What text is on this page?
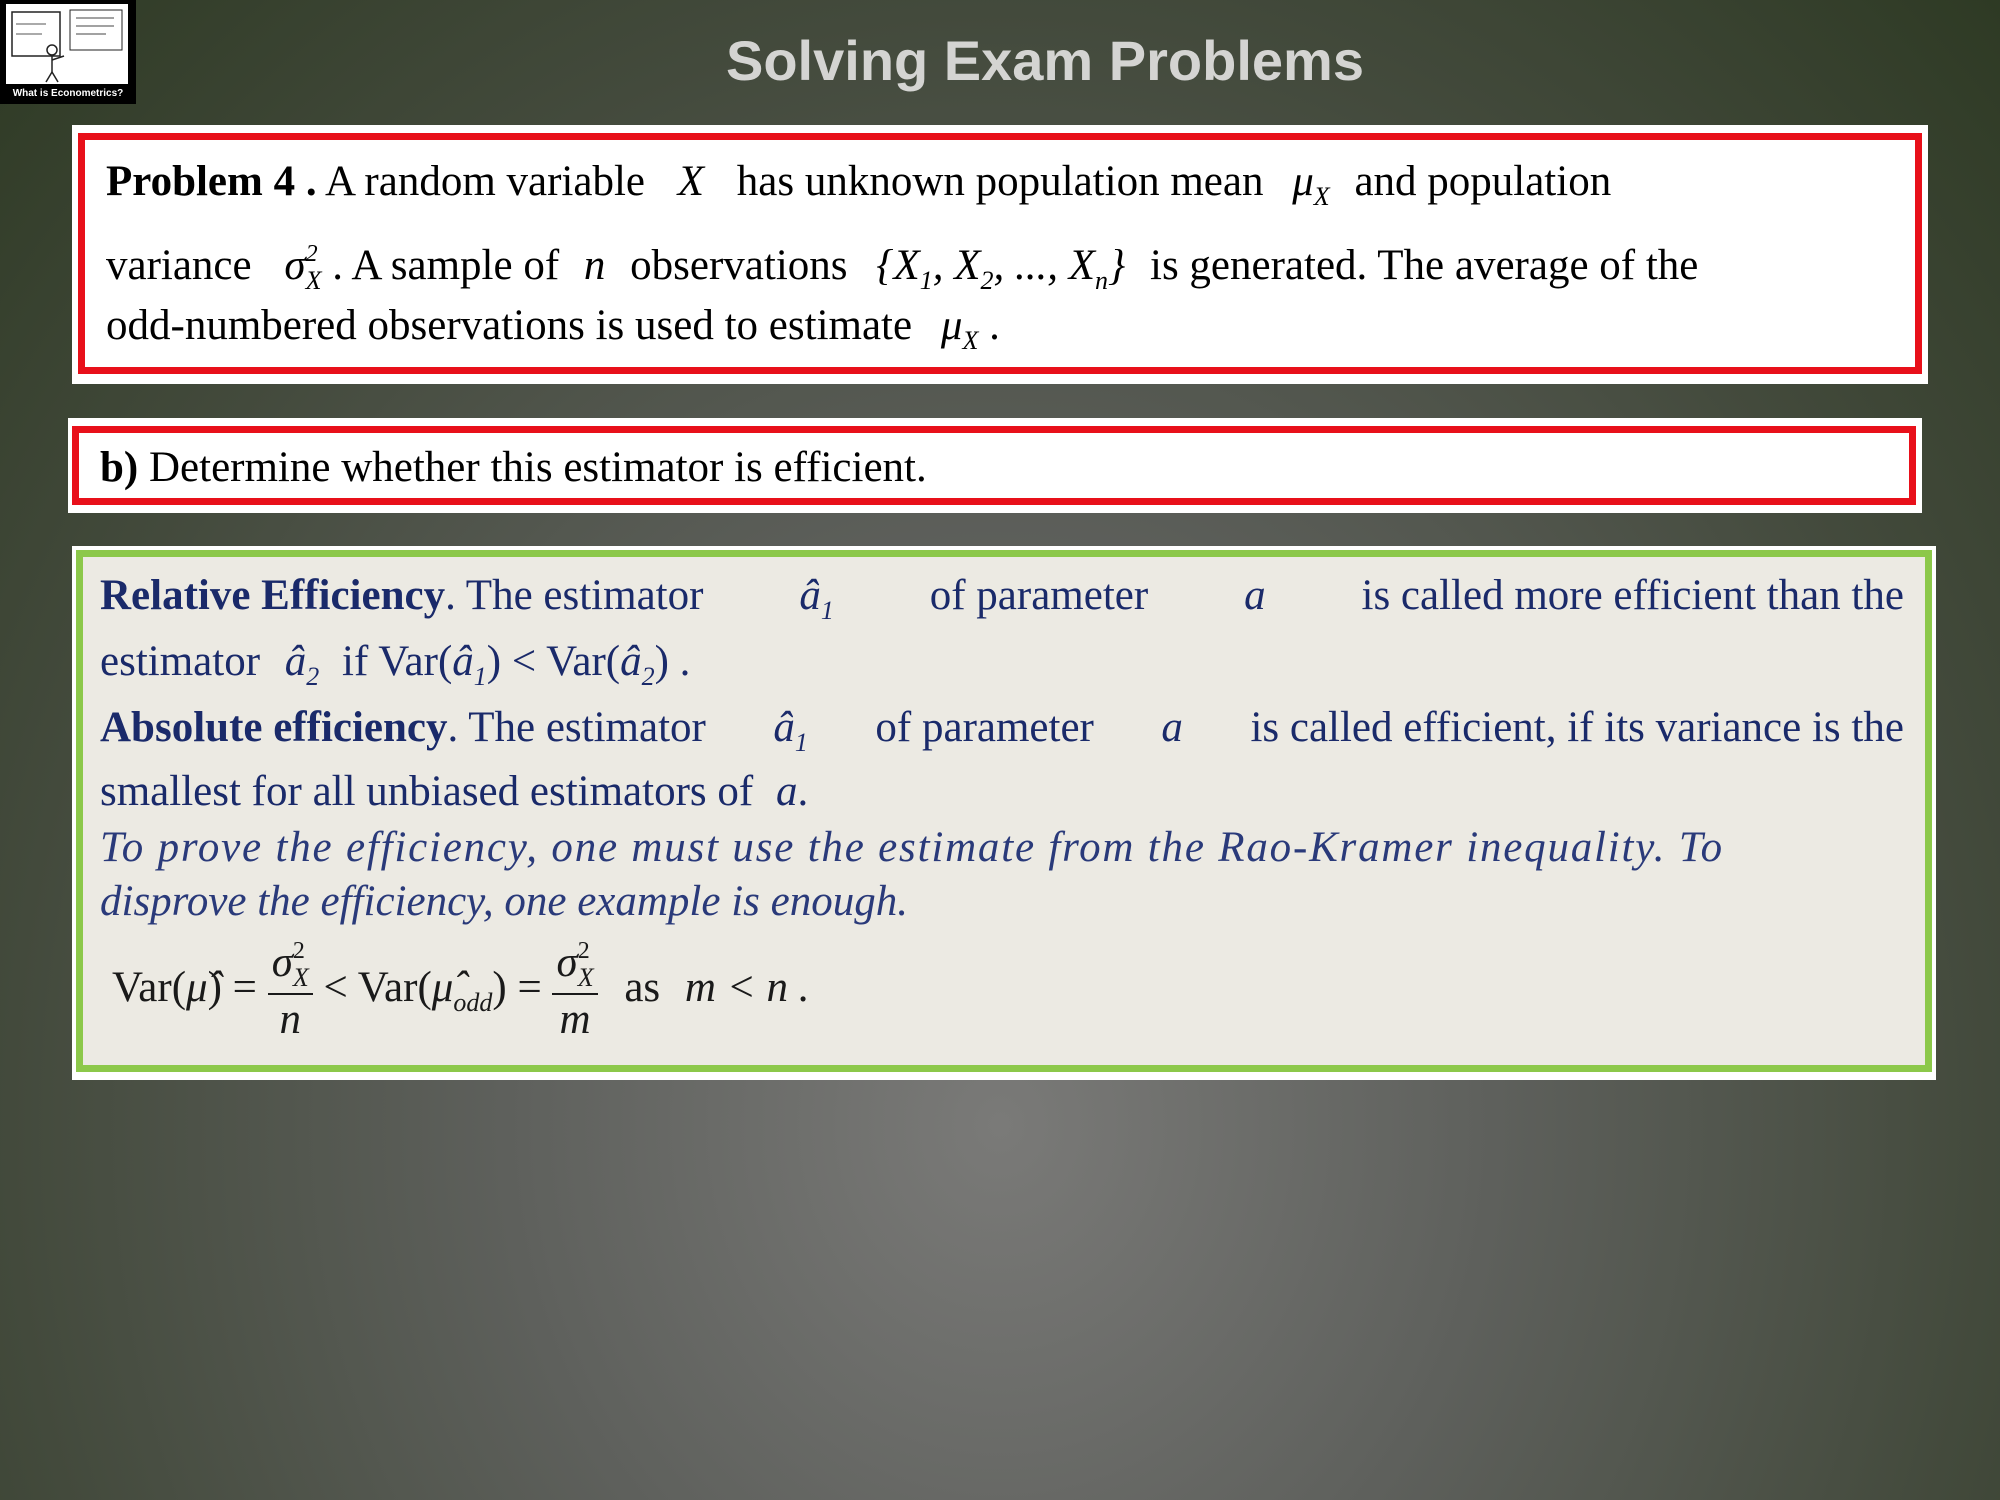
What is Econometrics?
Solving Exam Problems
Problem 4 . A random variable X has unknown population mean $\mu_X$ and population
variance $\sigma^2_X$ . A sample of n observations {$X_1$, $X_2$, ..., $X_n$} is generated. The average of the
odd-numbered observations is used to estimate $\mu_X$ .
b) Determine whether this estimator is efficient.
Relative Efficiency. The estimator $â_1$ of parameter a is called more efficient than the
estimator $â_2$ if $Var(â_1)$ < $Var(â_2)$ .
Absolute efficiency. The estimator $â_1$ of parameter a is called efficient, if its variance is the
smallest for all unbiased estimators of a.
To prove the efficiency, one must use the estimate from the Rao-Kramer inequality. To
disprove the efficiency, one example is enough.
Var(μ̂) = $\frac{\sigma^2_X}{n}$ < $Var(\mû_{odd}) = \frac{\sigma^2_X}{m}$ as m < n .
